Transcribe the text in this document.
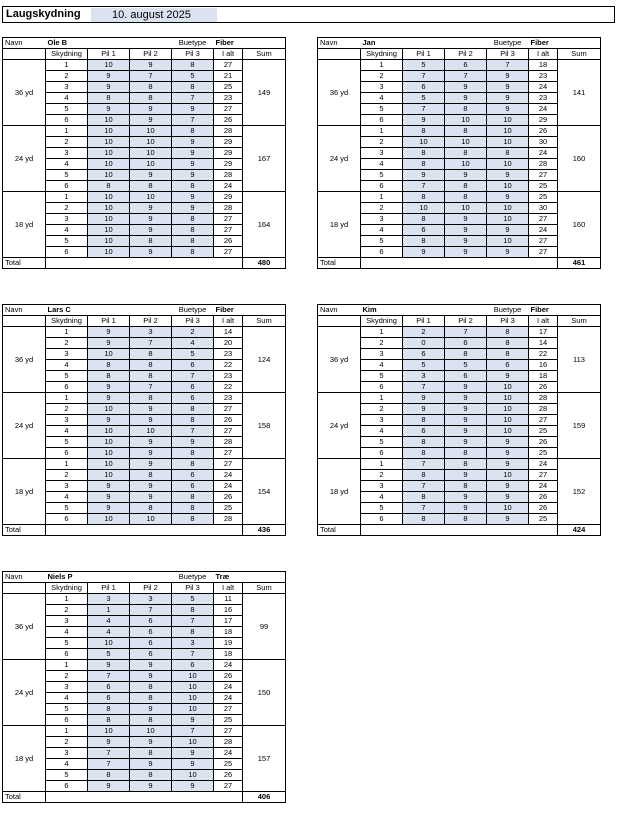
Laugskydning	10. august 2025
Navn	Ole B			Buetype	Fiber	
	Skydning	Pil 1	Pil 2	Pil 3	I alt	Sum
36 yd	1	10	9	8	27	149
	2	9	7	5	21	
	3	9	8	8	25	
	4	8	8	7	23	
	5	9	9	9	27	
	6	10	9	7	26	
24 yd	1	10	10	8	28	167
	2	10	10	9	29	
	3	10	10	9	29	
	4	10	10	9	29	
	5	10	9	9	28	
	6	8	8	8	24	
18 yd	1	10	10	9	29	164
	2	10	9	9	28	
	3	10	9	8	27	
	4	10	9	8	27	
	5	10	8	8	26	
	6	10	9	8	27	
Total						480
Navn	Jan			Buetype	Fiber	
	Skydning	Pil 1	Pil 2	Pil 3	I alt	Sum
36 yd	1	5	6	7	18	141
	2	7	7	9	23	
	3	6	9	9	24	
	4	5	9	9	23	
	5	7	8	9	24	
	6	9	10	10	29	
24 yd	1	8	8	10	26	160
	2	10	10	10	30	
	3	8	8	8	24	
	4	8	10	10	28	
	5	9	9	9	27	
	6	7	8	10	25	
18 yd	1	8	8	9	25	160
	2	10	10	10	30	
	3	8	9	10	27	
	4	6	9	9	24	
	5	8	9	10	27	
	6	9	9	9	27	
Total						461
Navn	Lars C			Buetype	Fiber	
	Skydning	Pil 1	Pil 2	Pil 3	I alt	Sum
36 yd	1	9	3	2	14	124
	2	9	7	4	20	
	3	10	8	5	23	
	4	8	8	6	22	
	5	8	8	7	23	
	6	9	7	6	22	
24 yd	1	9	8	6	23	158
	2	10	9	8	27	
	3	9	9	8	26	
	4	10	10	7	27	
	5	10	9	9	28	
	6	10	9	8	27	
18 yd	1	10	9	8	27	154
	2	10	8	6	24	
	3	9	9	6	24	
	4	9	9	8	26	
	5	9	8	8	25	
	6	10	10	8	28	
Total						436
Navn	Kim			Buetype	Fiber	
	Skydning	Pil 1	Pil 2	Pil 3	I alt	Sum
36 yd	1	2	7	8	17	113
	2	0	6	8	14	
	3	6	8	8	22	
	4	5	5	6	16	
	5	3	6	9	18	
	6	7	9	10	26	
24 yd	1	9	9	10	28	159
	2	9	9	10	28	
	3	8	9	10	27	
	4	6	9	10	25	
	5	8	9	9	26	
	6	8	8	9	25	
18 yd	1	7	8	9	24	152
	2	8	9	10	27	
	3	7	8	9	24	
	4	8	9	9	26	
	5	7	9	10	26	
	6	8	8	9	25	
Total						424
Navn	Niels P			Buetype	Træ	
	Skydning	Pil 1	Pil 2	Pil 3	I alt	Sum
36 yd	1	3	3	5	11	99
	2	1	7	8	16	
	3	4	6	7	17	
	4	4	6	8	18	
	5	10	6	3	19	
	6	5	6	7	18	
24 yd	1	9	9	6	24	150
	2	7	9	10	26	
	3	6	8	10	24	
	4	6	8	10	24	
	5	8	9	10	27	
	6	8	8	9	25	
18 yd	1	10	10	7	27	157
	2	9	9	10	28	
	3	7	8	9	24	
	4	7	9	9	25	
	5	8	8	10	26	
	6	9	9	9	27	
Total						406
